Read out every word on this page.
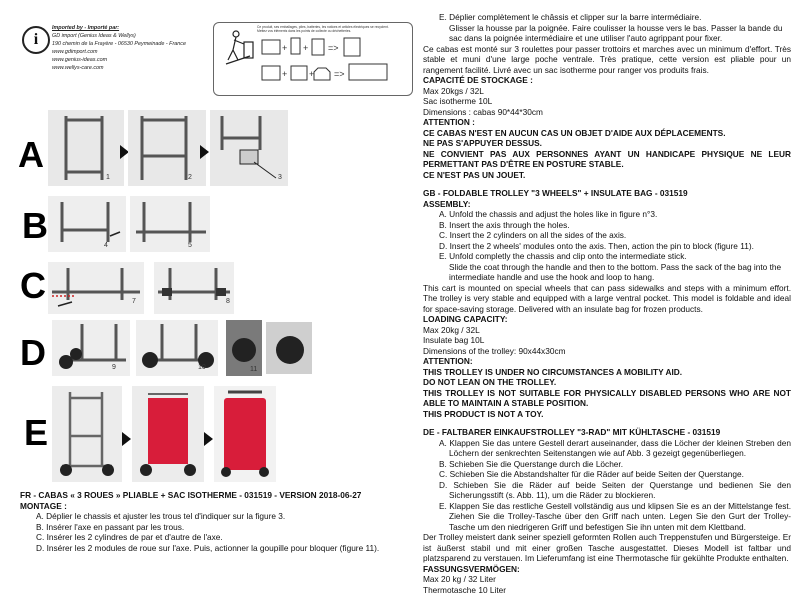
i
Imported by - Importé par:
GD import (Genius Ideas & Wellys)
190 chemin de la Frayère - 06530 Peymeinade - France
www.gdimport.com
www.genius-ideas.com
www.wellys-care.com
Ce produit, ses emballages, piles, batteries, les notices et articles électriques se recyclent.
Mettez vos éléments dans les points de collecte ou déchetteries.
+ + =>
+ + =>
A
B
C
D
E
1	2	3
4	5
7	8
9	10	11
FR - CABAS « 3 ROUES » PLIABLE + SAC ISOTHERME - 031519 - VERSION 2018-06-27
MONTAGE :
A. Déplier le chassis et ajuster les trous tel d'indiquer sur la figure 3.
B. Insérer l'axe en passant par les trous.
C. Insérer les 2 cylindres de par et d'autre de l'axe.
D. Insérer les 2 modules de roue sur l'axe. Puis, actionner la goupille pour bloquer (figure 11).
E. Déplier complètement le châssis et clipper sur la barre intermédiaire.
Glisser la housse par la poignée. Faire coulisser la housse vers le bas. Passer la bande du sac dans la poignée intermédiaire et une utiliser l'auto agrippant pour fixer.
Ce cabas est monté sur 3 roulettes pour passer trottoirs et marches avec un minimum d'effort. Très stable et muni d'une large poche ventrale. Très pratique, cette version est pliable pour un rangement facilité. Livré avec un sac isotherme pour ranger vos produits frais.
CAPACITÉ DE STOCKAGE :
Max 20kgs / 32L
Sac isotherme 10L
Dimensions : cabas 90*44*30cm
ATTENTION :
CE CABAS N'EST EN AUCUN CAS UN OBJET D'AIDE AUX DÉPLACEMENTS.
NE PAS S'APPUYER DESSUS.
NE CONVIENT PAS AUX PERSONNES AYANT UN HANDICAPE PHYSIQUE NE LEUR PERMETTANT PAS D'ÊTRE EN POSTURE STABLE.
CE N'EST PAS UN JOUET.
GB - FOLDABLE TROLLEY "3 WHEELS" + INSULATE BAG - 031519
ASSEMBLY:
A. Unfold the chassis and adjust the holes like in figure n°3.
B. Insert the axis through the holes.
C. Insert the 2 cylinders on all the sides of the axis.
D. Insert the 2 wheels' modules onto the axis. Then, action the pin to block (figure 11).
E. Unfold completly the chassis and clip onto the intermediate stick.
Slide the coat through the handle and then to the bottom. Pass the sack of the bag into the intermediate handle and use the hook and loop to hang.
This cart is mounted on special wheels that can pass sidewalks and steps with a minimum effort. The trolley is very stable and equipped with a large ventral pocket. This model is foldable and ideal for space-saving storage. Delivered with an insulate bag for frozen products.
LOADING CAPACITY:
Max 20kg / 32L
Insulate bag 10L
Dimensions of the trolley: 90x44x30cm
ATTENTION:
THIS TROLLEY IS UNDER NO CIRCUMSTANCES A MOBILITY AID.
DO NOT LEAN ON THE TROLLEY.
THIS TROLLEY IS NOT SUITABLE FOR PHYSICALLY DISABLED PERSONS WHO ARE NOT ABLE TO MAINTAIN A STABLE POSITION.
THIS PRODUCT IS NOT A TOY.
DE - FALTBARER EINKAUFSTROLLEY "3-RAD" MIT KÜHLTASCHE - 031519
A. Klappen Sie das untere Gestell derart auseinander, dass die Löcher der kleinen Streben den Löchern der senkrechten Seitenstangen wie auf Abb. 3 gezeigt gegenüberliegen.
B. Schieben Sie die Querstange durch die Löcher.
C. Schieben Sie die Abstandshalter für die Räder auf beide Seiten der Querstange.
D. Schieben Sie die Räder auf beide Seiten der Querstange und bedienen Sie den Sicherungsstift (s. Abb. 11), um die Räder zu blockieren.
E. Klappen Sie das restliche Gestell vollständig aus und klipsen Sie es an der Mittelstange fest. Ziehen Sie die Trolley-Tasche über den Griff nach unten. Legen Sie den Gurt der Trolley-Tasche um den niedrigeren Griff und befestigen Sie ihn unten mit dem Klettband.
Der Trolley meistert dank seiner speziell geformten Rollen auch Treppenstufen und Bürgersteige. Er ist äußerst stabil und mit einer großen Tasche ausgestattet. Dieses Modell ist faltbar und platzsparend zu verstauen. Im Lieferumfang ist eine Thermotasche für gekühlte Produkte enthalten.
FASSUNGSVERMÖGEN:
Max 20 kg / 32 Liter
Thermotasche 10 Liter
